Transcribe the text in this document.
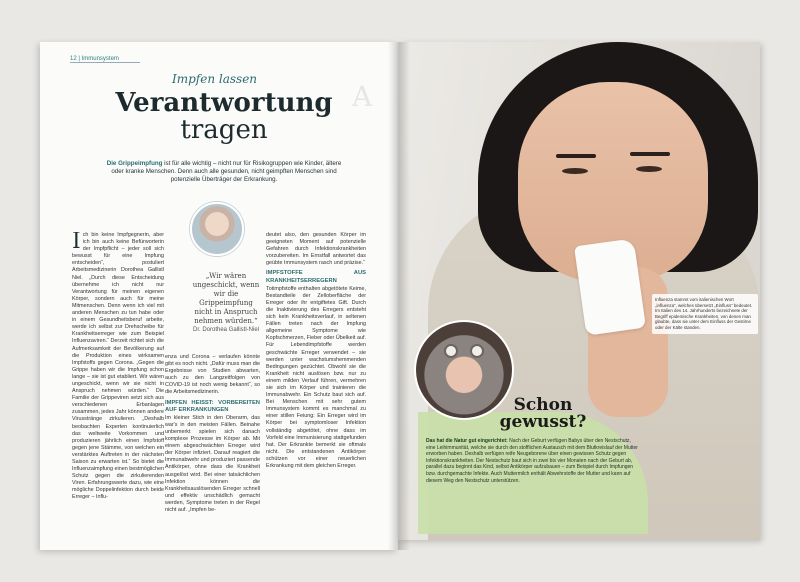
12 | Immunsystem
Impfen lassen
Verantwortung
tragen
A
Die Grippeimpfung ist für alle wichtig – nicht nur für Risikogruppen wie Kinder, ältere oder kranke Menschen. Denn auch alle gesunden, nicht geimpften Menschen sind potenzielle Überträger der Erkrankung.
„Wir wären ungeschickt, wenn wir die Grippeimpfung nicht in Anspruch nehmen würden.“
Dr. Dorothea Gallistl-Niel
Ich bin keine Impfgegnerin, aber ich bin auch keine Befürworterin der Impfpflicht – jeder soll sich bewusst für eine Impfung entscheiden“, postuliert Arbeitsmedizinerin Dorothea Gallistl Niel. „Durch diese Entscheidung übernehme ich nicht nur Verantwortung für meinen eigenen Körper, sondern auch für meine Mitmenschen. Denn wenn ich viel mit anderen Menschen zu tun habe oder in einem Gesundheitsberuf arbeite, werde ich selbst zur Drehscheibe für Krankheitserreger wie zum Beispiel Influenzaviren.“ Derzeit richtet sich die Aufmerksamkeit der Bevölkerung auf die Produktion eines wirksamen Impfstoffs gegen Corona. „Gegen die Grippe haben wir die Impfung schon lange – sie ist gut etabliert. Wir wären ungeschickt, wenn wir sie nicht in Anspruch nehmen würden.“ Die Familie der Grippeviren setzt sich aus verschiedenen Erbanlagen zusammen, jedes Jahr können andere Virusstränge zirkulieren. „Deshalb beobachten Experten kontinuierlich das weltweite Vorkommen und produzieren jährlich einen Impfstoff gegen jene Stämme, von welchen ein verstärktes Auftreten in der nächsten Saison zu erwarten ist.“ So bietet die Influenzaimpfung einen bestmöglichen Schutz gegen die zirkulierenden Viren. Erfahrungswerte dazu, wie eine mögliche Doppelinfektion durch beide Erreger – Influ-
enza und Corona – verlaufen könnte gibt es noch nicht. „Dafür muss man die Ergebnisse von Studien abwarten, auch zu den Langzeitfolgen von COVID-19 ist noch wenig bekannt“, so die Arbeitsmedizinerin.
IMPFEN HEISST: VORBEREITEN AUF ERKRANKUNGEN
Im kleiner Stich in den Oberarm, das war's in den meisten Fällen. Beinahe unbemerkt spielen sich danach komplexe Prozesse im Körper ab. Mit einem abgeschwächten Erreger wird der Körper infiziert. Darauf reagiert die Immunabwehr und produziert passende Antikörper, ohne dass die Krankheit ausgelöst wird. Bei einer tatsächlichen Infektion können die Krankheitsauslösenden Erreger schnell und effektiv unschädlich gemacht werden, Symptome treten in der Regel nicht auf. „Impfen be-
deutet also, den gesunden Körper im geeigneten Moment auf potenzielle Gefahren durch Infektionskrankheiten vorzubereiten. Im Ernstfall antwortet das geübte Immunsystem rasch und präzise.“
IMPFSTOFFE AUS KRANKHEITSERREGERN
Totimpfstoffe enthalten abgetötete Keime, Bestandteile der Zelloberfläche der Erreger oder ihr entgiftetes Gift. Durch die Inaktivierung des Erregers entsteht sich kein Krankheitsverlauf, in seltenen Fällen treten nach der Impfung allgemeine Symptome wie Kopfschmerzen, Fieber oder Übelkeit auf. Für Lebendimpfstoffe werden geschwächte Erreger verwendet – sie werden unter wachstumshemmenden Bedingungen gezüchtet. Obwohl sie die Krankheit nicht auslösen bzw. nur zu einem milden Verlauf führen, vermehren sie sich im Körper und trainieren die Immunabwehr. Ein Schutz baut sich auf. Bei Menschen mit sehr gutem Immunsystem kommt es manchmal zu einer stillen Feiung: Ein Erreger wird im Körper bei symptomloser Infektion vollständig abgetötet, ohne dass im Vorfeld eine Immunisierung stattgefunden hat. Der Erkrankte bemerkt sie oftmals nicht. Die entstandenen Antikörper schützen vor einer neuerlichen Erkrankung mit dem gleichen Erreger.
Influenza stammt vom italienischen Wort „influenza“, welches übersetzt „Einfluss“ bedeutet. Im Italien des 14. Jahrhunderts bezeichnete der Begriff epidemische Krankheiten, von denen man glaubte, dass sie unter dem Einfluss der Gestirne oder der Kälte standen.
Schon gewusst?
Das hat die Natur gut eingerichtet: Nach der Geburt verfügen Babys über den Nestschutz, eine Leihimmunität, welche sie durch den stofflichen Austausch mit dem Blutkreislauf der Mutter erworben haben. Deshalb verfügen reife Neugeborene über einen gewissen Schutz gegen Infektionskrankheiten. Der Nestschutz baut sich in zwei bis vier Monaten nach der Geburt ab, parallel dazu beginnt das Kind, selbst Antikörper aufzubauen – zum Beispiel durch Impfungen bzw. durchgemachte Infekte. Auch Muttermilch enthält Abwehrstoffe der Mutter und kann auf diesem Weg den Nestschutz unterstützen.
